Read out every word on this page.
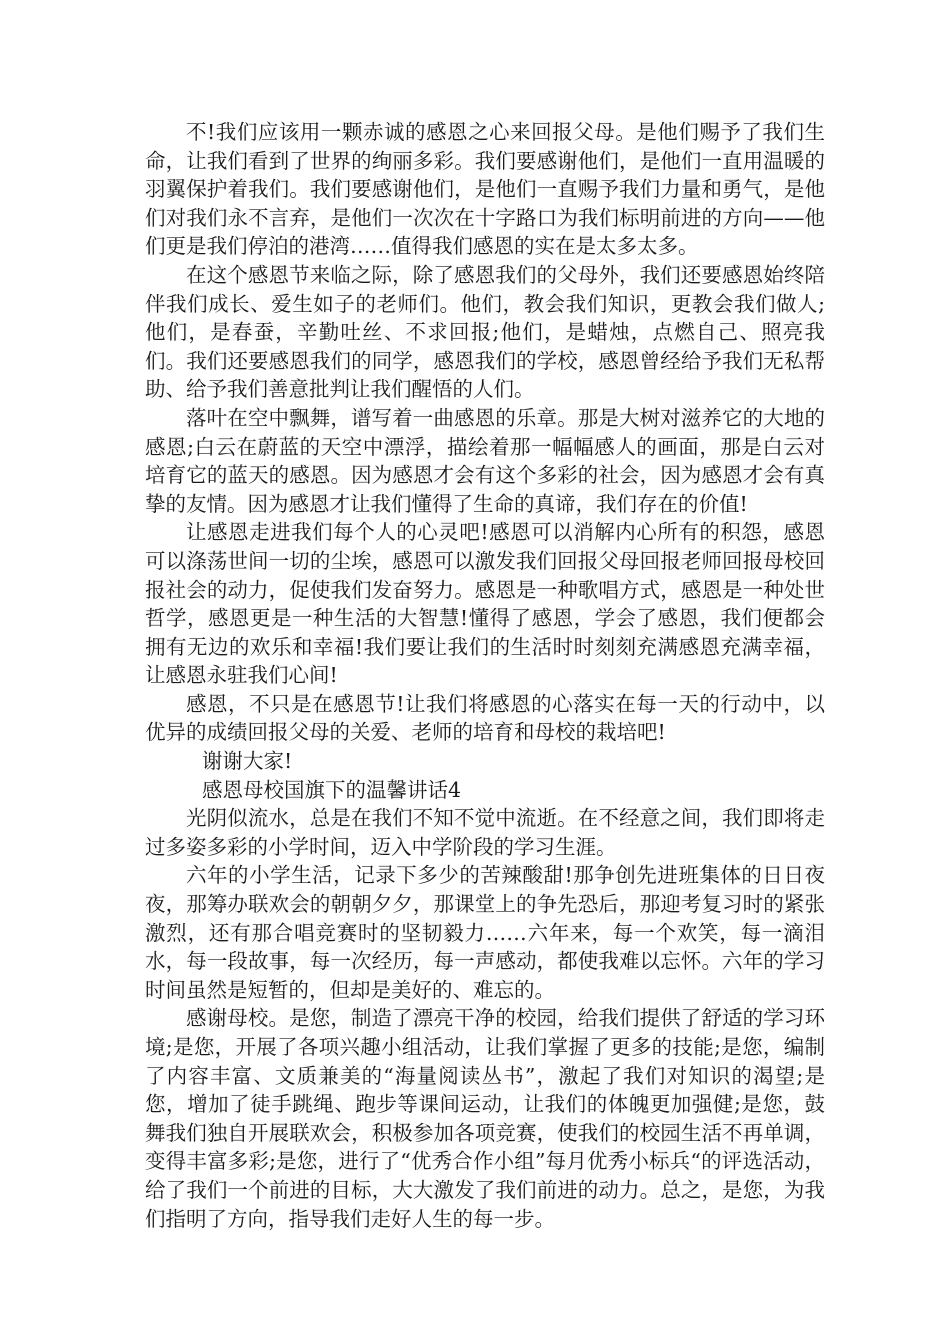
不!我们应该用一颗赤诚的感恩之心来回报父母。是他们赐予了我们生命，让我们看到了世界的绚丽多彩。我们要感谢他们，是他们一直用温暖的羽翼保护着我们。我们要感谢他们，是他们一直赐予我们力量和勇气，是他们对我们永不言弃，是他们一次次在十字路口为我们标明前进的方向——他们更是我们停泊的港湾……值得我们感恩的实在是太多太多。

在这个感恩节来临之际，除了感恩我们的父母外，我们还要感恩始终陪伴我们成长、爱生如子的老师们。他们，教会我们知识，更教会我们做人;他们，是春蚕，辛勤吐丝、不求回报;他们，是蜡烛，点燃自己、照亮我们。我们还要感恩我们的同学，感恩我们的学校，感恩曾经给予我们无私帮助、给予我们善意批判让我们醒悟的人们。

落叶在空中飘舞，谱写着一曲感恩的乐章。那是大树对滋养它的大地的感恩;白云在蔚蓝的天空中漂浮，描绘着那一幅幅感人的画面，那是白云对培育它的蓝天的感恩。因为感恩才会有这个多彩的社会，因为感恩才会有真挚的友情。因为感恩才让我们懂得了生命的真谛，我们存在的价值!

让感恩走进我们每个人的心灵吧!感恩可以消解内心所有的积怨，感恩可以涤荡世间一切的尘埃，感恩可以激发我们回报父母回报老师回报母校回报社会的动力，促使我们发奋努力。感恩是一种歌唱方式，感恩是一种处世哲学，感恩更是一种生活的大智慧!懂得了感恩，学会了感恩，我们便都会拥有无边的欢乐和幸福!我们要让我们的生活时时刻刻充满感恩充满幸福，让感恩永驻我们心间!

感恩，不只是在感恩节!让我们将感恩的心落实在每一天的行动中，以优异的成绩回报父母的关爱、老师的培育和母校的栽培吧!

谢谢大家!

感恩母校国旗下的温馨讲话4

光阴似流水，总是在我们不知不觉中流逝。在不经意之间，我们即将走过多姿多彩的小学时间，迈入中学阶段的学习生涯。

六年的小学生活，记录下多少的苦辣酸甜!那争创先进班集体的日日夜夜，那筹办联欢会的朝朝夕夕，那课堂上的争先恐后，那迎考复习时的紧张激烈，还有那合唱竞赛时的坚韧毅力……六年来，每一个欢笑，每一滴泪水，每一段故事，每一次经历，每一声感动，都使我难以忘怀。六年的学习时间虽然是短暂的，但却是美好的、难忘的。

感谢母校。是您，制造了漂亮干净的校园，给我们提供了舒适的学习环境;是您，开展了各项兴趣小组活动，让我们掌握了更多的技能;是您，编制了内容丰富、文质兼美的“海量阅读丛书”，激起了我们对知识的渴望;是您，增加了徒手跳绳、跑步等课间运动，让我们的体魄更加强健;是您，鼓舞我们独自开展联欢会，积极参加各项竞赛，使我们的校园生活不再单调，变得丰富多彩;是您，进行了“优秀合作小组”每月优秀小标兵“的评选活动，给了我们一个前进的目标，大大激发了我们前进的动力。总之，是您，为我们指明了方向，指导我们走好人生的每一步。
